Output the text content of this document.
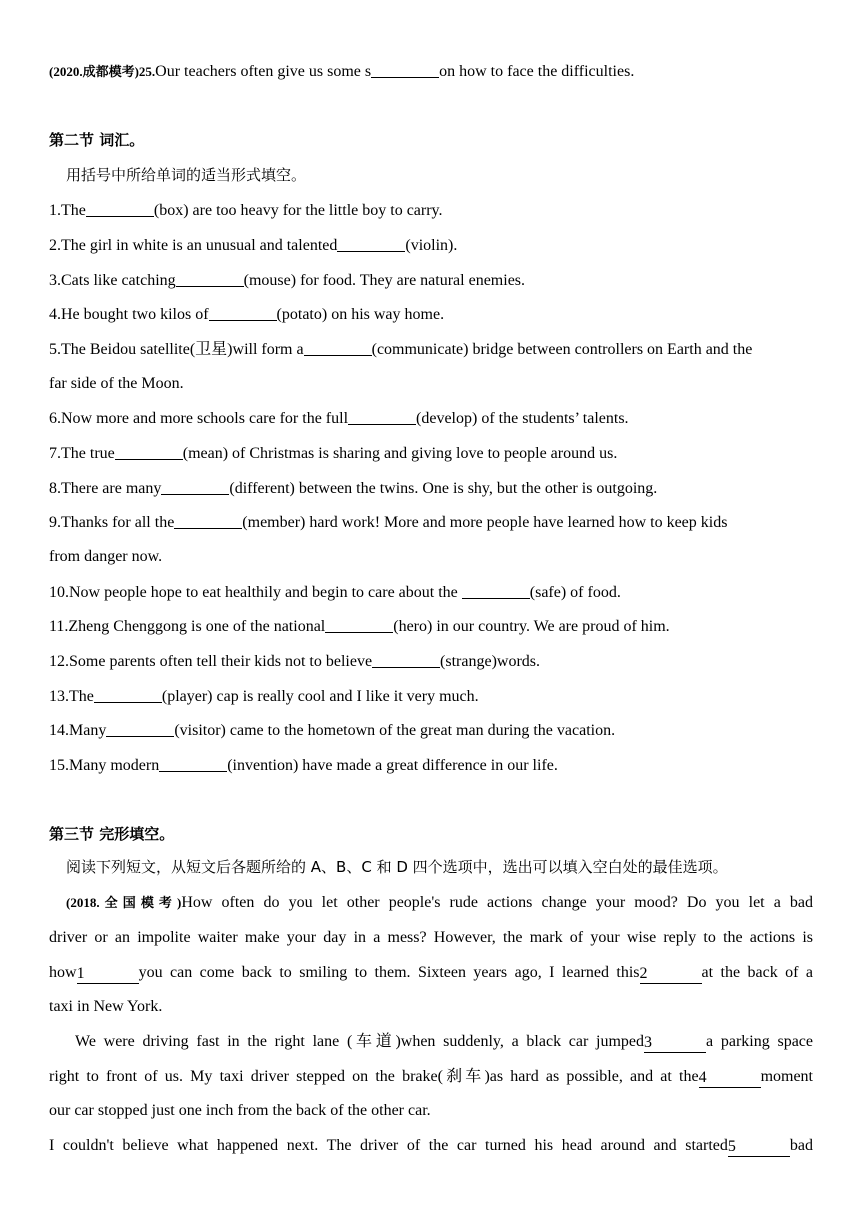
(2020.成都模考)25.Our teachers often give us some s	on how to face the difficulties.
第二节 词汇。
用括号中所给单词的适当形式填空。
1.The	(box) are too heavy for the little boy to carry.
2.The girl in white is an unusual and talented	(violin).
3.Cats like catching	(mouse) for food. They are natural enemies.
4.He bought two kilos of	(potato) on his way home.
5.The Beidou satellite(卫星)will form a	(communicate) bridge between controllers on Earth and the
far side of the Moon.
6.Now more and more schools care for the full	(develop) of the students’ talents.
7.The true	(mean) of Christmas is sharing and giving love to people around us.
8.There are many	(different) between the twins. One is shy, but the other is outgoing.
9.Thanks for all the	(member) hard work! More and more people have learned how to keep kids
from danger now.
10.Now people hope to eat healthily and begin to care about the	(safe) of food.
11.Zheng Chenggong is one of the national	(hero) in our country. We are proud of him.
12.Some parents often tell their kids not to believe	(strange)words.
13.The	(player) cap is really cool and I like it very much.
14.Many	(visitor) came to the hometown of the great man during the vacation.
15.Many modern	(invention) have made a great difference in our life.
第三节 完形填空。
阅读下列短文，从短文后各题所给的 A、B、C 和 D 四个选项中，选出可以填入空白处的最佳选项。
(2018.全国模考)How often do you let other people's rude actions change your mood? Do you let a bad
driver or an impolite waiter make your day in a mess? However, the mark of your wise reply to the actions is
how1	you can come back to smiling to them. Sixteen years ago, I learned this2	at the back of a
taxi in New York.
We were driving fast in the right lane (车道)when suddenly, a black car jumped3	a parking space
right to front of us. My taxi driver stepped on the brake(刹车)as hard as possible, and at the4	moment
our car stopped just one inch from the back of the other car.
I couldn't believe what happened next. The driver of the car turned his head around and started5	bad
